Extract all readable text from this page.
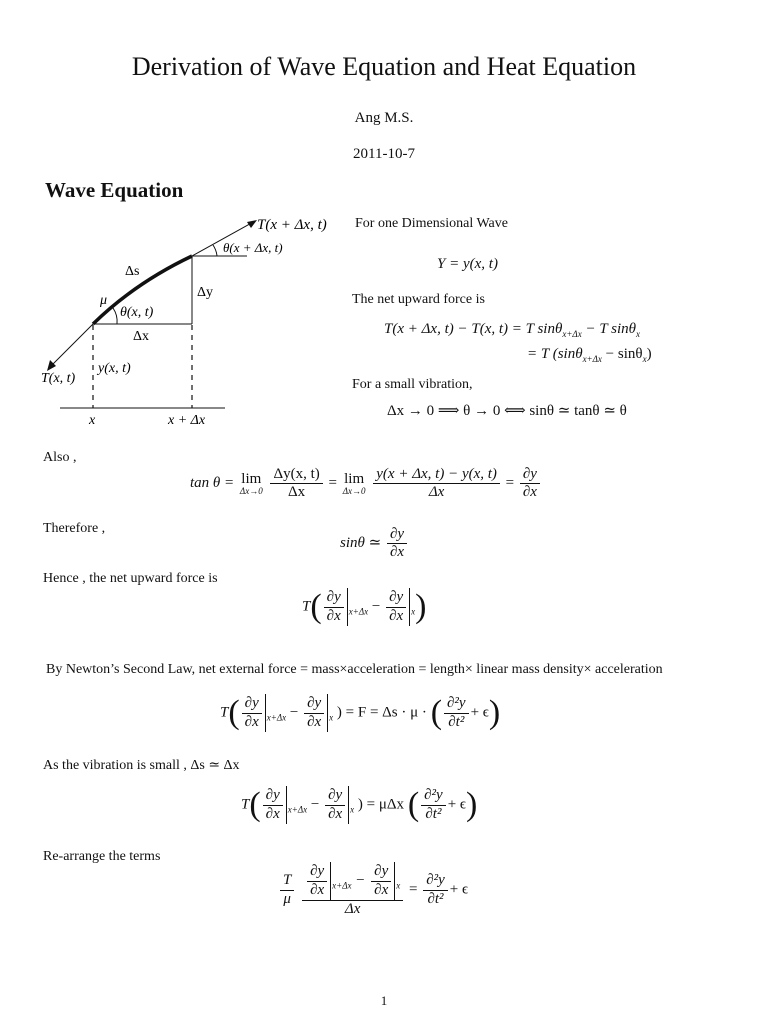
Derivation of Wave Equation and Heat Equation
Ang M.S.
2011-10-7
Wave Equation
T(x + Δx, t)
θ(x + Δx, t)
Δs
Δy
μ
θ(x, t)
Δx
T(x, t)
y(x, t)
x	x + Δx
For one Dimensional Wave
Y = y(x, t)
The net upward force is
T(x + Δx, t) − T(x, t) = T sinθ$_{x+\Delta x}$ − T sinθ$_x$
= T (sinθ$_{x+\Delta x}$ − sinθ$_x$)
For a small vibration,
Δx → 0 ⟹ θ → 0 ⟺ sinθ ≃ tanθ ≃ θ
Also ,
tan θ = lim
Δx→0
$\frac{\Delta y(x, t)}{\Delta x} = \lim$
Δx→0
$\frac{y(x + \Delta x, t) - y(x, t)}{\Delta x} = \frac{\partial y}{\partial x}$
Therefore ,
sinθ ≃ $\frac{\partial y}{\partial x}$
Hence , the net upward force is
$T( \frac{\partial y}{\partial x} _{x+\Delta x} - \frac{\partial y}{\partial x} _x)$
By Newton’s Second Law, net external force = mass×acceleration = length× linear mass density× acceleration
$T( \frac{\partial y}{\partial x} _{x+\Delta x} - \frac{\partial y}{\partial x} _x$ ) = F = Δs · μ · ( $\frac{\text{∂²y}}{\text{∂t²}} + \epsilon$)
As the vibration is small , Δs ≃ Δx
$T( \frac{\partial y}{\partial x} _{x+\Delta x} - \frac{\partial y}{\partial x} _x$ ) = μΔx ( $\frac{\text{∂²y}}{\text{∂t²}} + \epsilon$)
Re-arrange the terms
$\frac{T}{\mu}$
$\frac{\frac{\partial y}{\partial x} _{x+\Delta x} - \frac{\partial y}{\partial x} _x}{\Delta x} = \frac{\text{∂²y}}{\text{∂t²}} + \epsilon$
1
